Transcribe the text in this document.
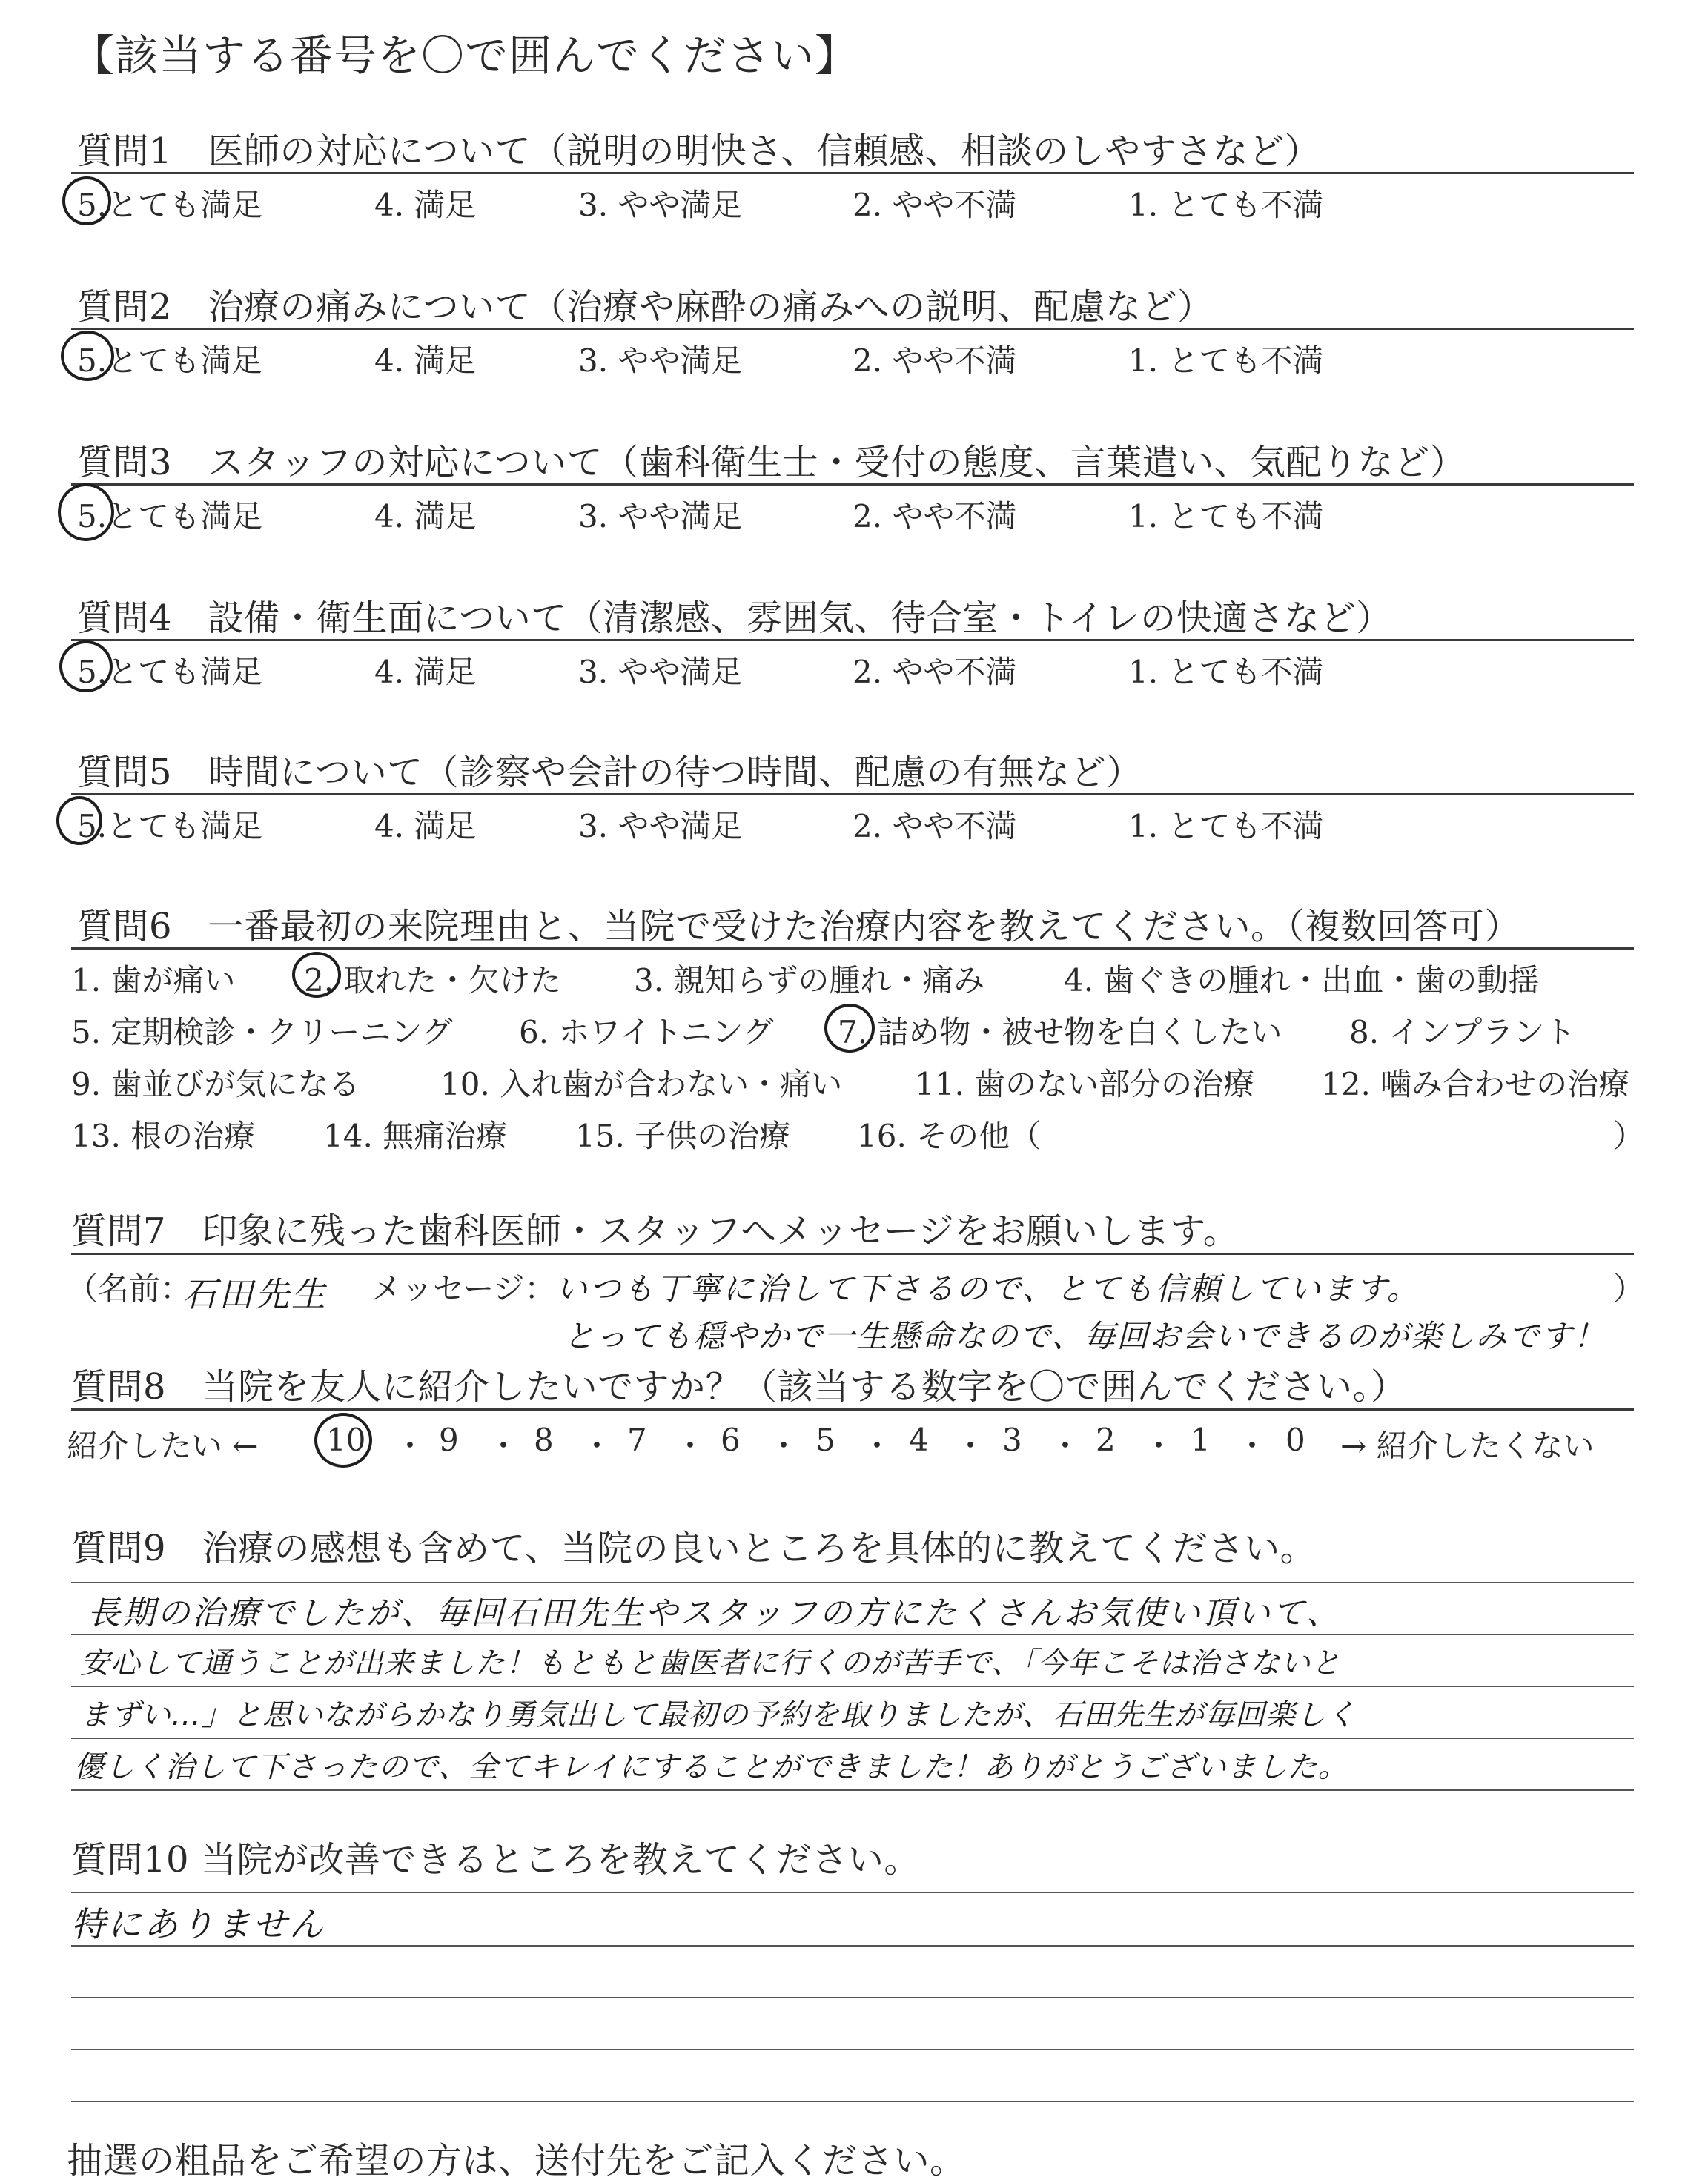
【該当する番号を〇で囲んでください】
質問1　医師の対応について（説明の明快さ、信頼感、相談のしやすさなど）
5.とても満足	4. 満足	3. やや満足	2. やや不満	1. とても不満
質問2　治療の痛みについて（治療や麻酔の痛みへの説明、配慮など）
5.とても満足	4. 満足	3. やや満足	2. やや不満	1. とても不満
質問3　スタッフの対応について（歯科衛生士・受付の態度、言葉遣い、気配りなど）
5.とても満足	4. 満足	3. やや満足	2. やや不満	1. とても不満
質問4　設備・衛生面について（清潔感、雰囲気、待合室・トイレの快適さなど）
5.とても満足	4. 満足	3. やや満足	2. やや不満	1. とても不満
質問5　時間について（診察や会計の待つ時間、配慮の有無など）
5.とても満足	4. 満足	3. やや満足	2. やや不満	1. とても不満
質問6　一番最初の来院理由と、当院で受けた治療内容を教えてください。（複数回答可）
1. 歯が痛い 2. 取れた・欠けた 3. 親知らずの腫れ・痛み	4. 歯ぐきの腫れ・出血・歯の動揺
5. 定期検診・クリーニング 6. ホワイトニング 7. 詰め物・被せ物を白くしたい 8. インプラント
9. 歯並びが気になる	10. 入れ歯が合わない・痛い 11. 歯のない部分の治療 12. 噛み合わせの治療
13. 根の治療 14. 無痛治療 15. 子供の治療 16. その他（	）
質問7　印象に残った歯科医師・スタッフへメッセージをお願いします。
（名前：
石田先生 メッセージ： いつも丁寧に治して下さるので、とても信頼しています。
とっても穏やかで一生懸命なので、毎回お会いできるのが楽しみです！
）
質問8　当院を友人に紹介したいですか？（該当する数字を〇で囲んでください。）
紹介したい ← 10 ・ 9 ・ 8 ・ 7 ・ 6 ・ 5 ・ 4 ・ 3 ・ 2 ・ 1 ・ 0 → 紹介したくない
質問9　治療の感想も含めて、当院の良いところを具体的に教えてください。
長期の治療でしたが、毎回石田先生やスタッフの方にたくさんお気使い頂いて、
安心して通うことが出来ました！もともと歯医者に行くのが苦手で、「今年こそは治さないと
まずい…」と思いながらかなり勇気出して最初の予約を取りましたが、石田先生が毎回楽しく
優しく治して下さったので、全てキレイにすることができました！ありがとうございました。
質問10 当院が改善できるところを教えてください。
特にありません
抽選の粗品をご希望の方は、送付先をご記入ください。
